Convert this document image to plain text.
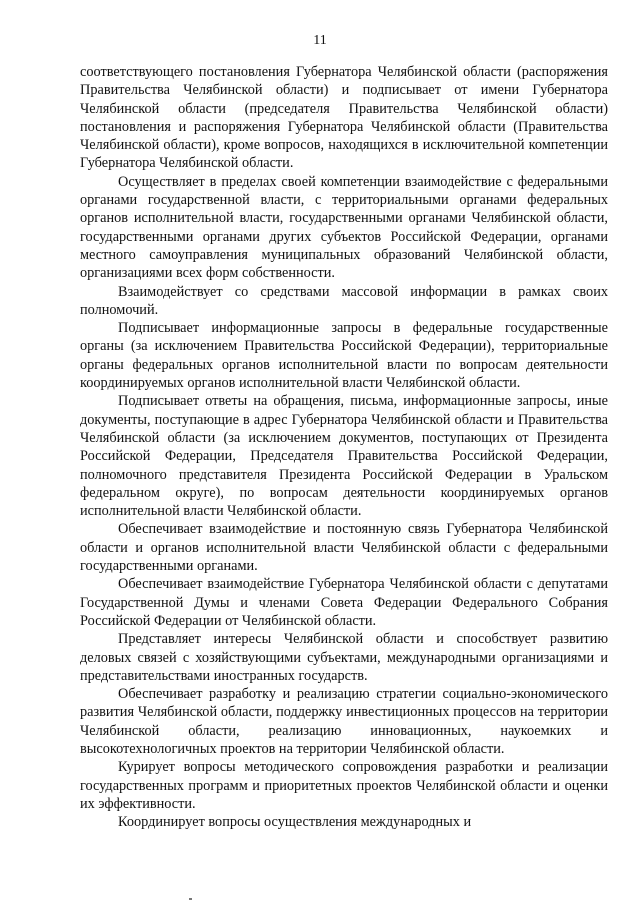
11

соответствующего постановления Губернатора Челябинской области (распоряжения Правительства Челябинской области) и подписывает от имени Губернатора Челябинской области (председателя Правительства Челябинской области) постановления и распоряжения Губернатора Челябинской области (Правительства Челябинской области), кроме вопросов, находящихся в исключительной компетенции Губернатора Челябинской области.

Осуществляет в пределах своей компетенции взаимодействие с федеральными органами государственной власти, с территориальными органами федеральных органов исполнительной власти, государственными органами Челябинской области, государственными органами других субъектов Российской Федерации, органами местного самоуправления муниципальных образований Челябинской области, организациями всех форм собственности.

Взаимодействует со средствами массовой информации в рамках своих полномочий.

Подписывает информационные запросы в федеральные государственные органы (за исключением Правительства Российской Федерации), территориальные органы федеральных органов исполнительной власти по вопросам деятельности координируемых органов исполнительной власти Челябинской области.

Подписывает ответы на обращения, письма, информационные запросы, иные документы, поступающие в адрес Губернатора Челябинской области и Правительства Челябинской области (за исключением документов, поступающих от Президента Российской Федерации, Председателя Правительства Российской Федерации, полномочного представителя Президента Российской Федерации в Уральском федеральном округе), по вопросам деятельности координируемых органов исполнительной власти Челябинской области.

Обеспечивает взаимодействие и постоянную связь Губернатора Челябинской области и органов исполнительной власти Челябинской области с федеральными государственными органами.

Обеспечивает взаимодействие Губернатора Челябинской области с депутатами Государственной Думы и членами Совета Федерации Федерального Собрания Российской Федерации от Челябинской области.

Представляет интересы Челябинской области и способствует развитию деловых связей с хозяйствующими субъектами, международными организациями и представительствами иностранных государств.

Обеспечивает разработку и реализацию стратегии социально-экономического развития Челябинской области, поддержку инвестиционных процессов на территории Челябинской области, реализацию инновационных, наукоемких и высокотехнологичных проектов на территории Челябинской области.

Курирует вопросы методического сопровождения разработки и реализации государственных программ и приоритетных проектов Челябинской области и оценки их эффективности.

Координирует вопросы осуществления международных и
